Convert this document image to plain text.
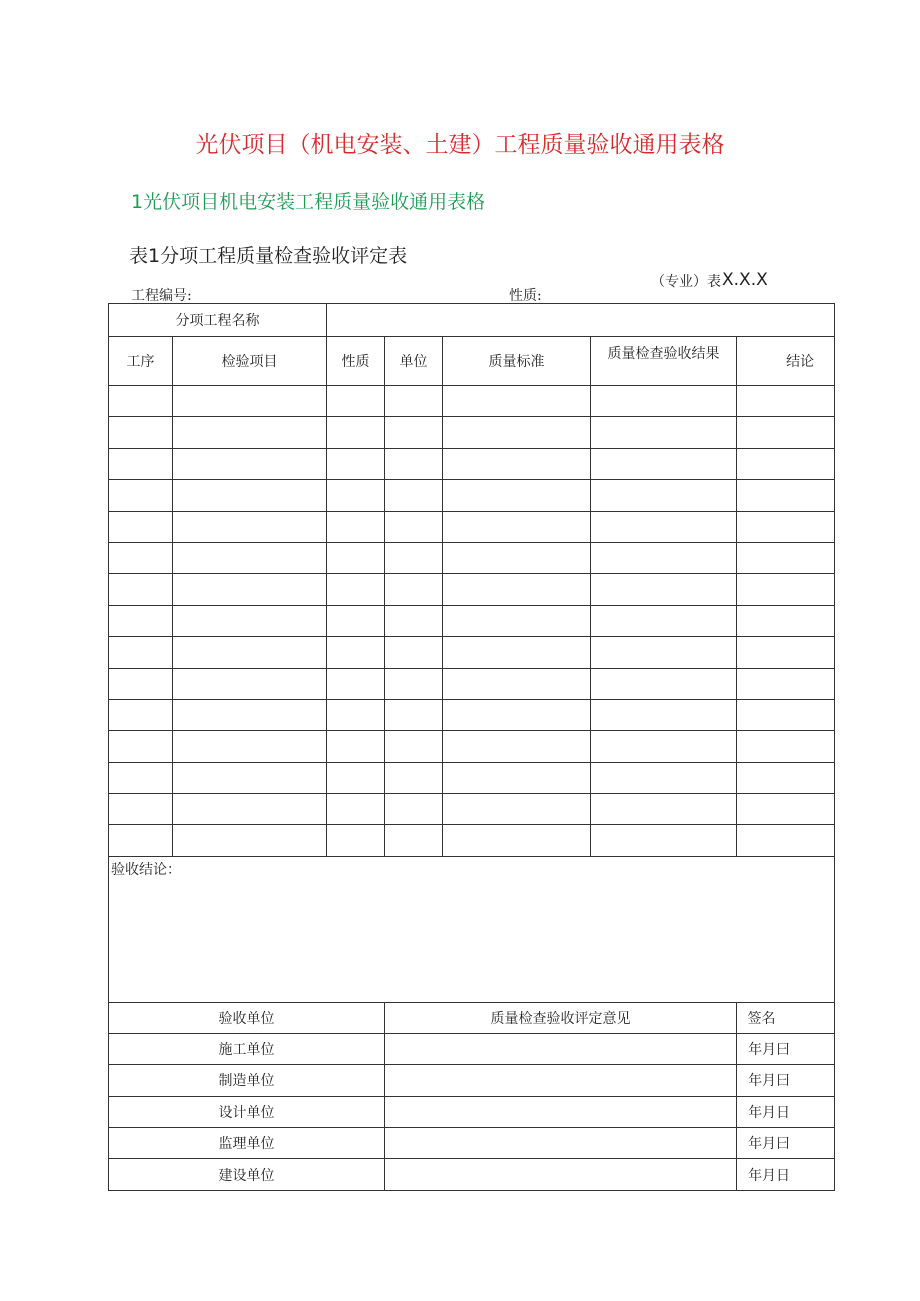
光伏项目（机电安装、土建）工程质量验收通用表格
1光伏项目机电安装工程质量验收通用表格
表1分项工程质量检查验收评定表
（专业）表 X.X.X
工程编号:	性质:
分项工程名称						
工序	检验项目	性质	单位	质量标准	质量检查验收结果	结论

验收结论：						
验收单位			质量检查验收评定意见			签名
施工单位						年月曰
制造单位						年月曰
设计单位						年月日
监理单位						年月曰
建设单位						年月日
